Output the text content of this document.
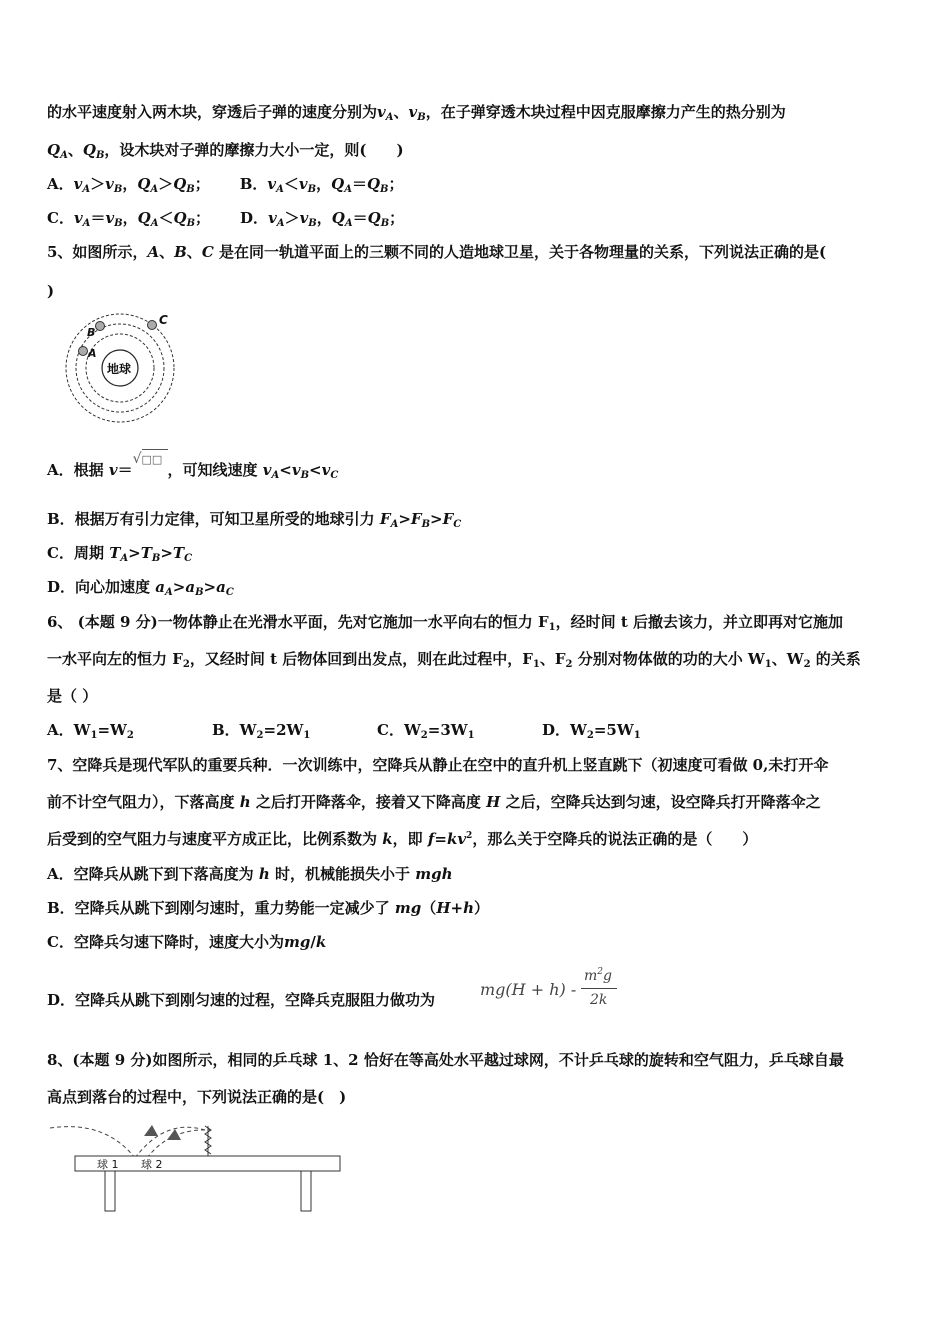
的水平速度射入两木块，穿透后子弹的速度分别为$v_A$、$v_B$，在子弹穿透木块过程中因克服摩擦力产生的热分别为
$Q_A$、$Q_B$，设木块对子弹的摩擦力大小一定，则(　　)
A．$v_A>v_B$，$Q_A>Q_B$； B．$v_A<v_B$，$Q_A=Q_B$；
C．$v_A=v_B$，$Q_A<Q_B$； D．$v_A>v_B$，$Q_A=Q_B$；
5、如图所示，A、B、C 是在同一轨道平面上的三颗不同的人造地球卫星，关于各物理量的关系，下列说法正确的是(
)
地球
A
B
C
A．根据 v＝√□□，可知线速度 $v_A<v_B<v_C$
B．根据万有引力定律，可知卫星所受的地球引力 $F_A>F_B>F_C$
C．周期 $T_A>T_B>T_C$
D．向心加速度 $a_A>a_B>a_C$
6、 (本题 9 分)一物体静止在光滑水平面，先对它施加一水平向右的恒力 $F_1$，经时间 t 后撤去该力，并立即再对它施加
一水平向左的恒力 $F_2$，又经时间 t 后物体回到出发点，则在此过程中，$F_1$、$F_2$ 分别对物体做的功的大小 $W_1$、$W_2$ 的关系
是（ ）
A．$W_1=W_2$	B．$W_2=2W_1$	C．$W_2=3W_1$	D．$W_2=5W_1$
7、空降兵是现代军队的重要兵种．一次训练中，空降兵从静止在空中的直升机上竖直跳下（初速度可看做 0,未打开伞
前不计空气阻力），下落高度 h 之后打开降落伞，接着又下降高度 H 之后，空降兵达到匀速，设空降兵打开降落伞之
后受到的空气阻力与速度平方成正比，比例系数为 k，即 $f=kv^2$，那么关于空降兵的说法正确的是（　　）
A．空降兵从跳下到下落高度为 h 时，机械能损失小于 mgh
B．空降兵从跳下到刚匀速时，重力势能一定减少了 mg（H+h）
C．空降兵匀速下降时，速度大小为mg/k
D．空降兵从跳下到刚匀速的过程，空降兵克服阻力做功为
mg(H + h) -
$m^2g$
2k
8、(本题 9 分)如图所示，相同的乒乓球 1、2 恰好在等高处水平越过球网，不计乒乓球的旋转和空气阻力，乒乓球自最
高点到落台的过程中，下列说法正确的是(　)
球 1 球 2
